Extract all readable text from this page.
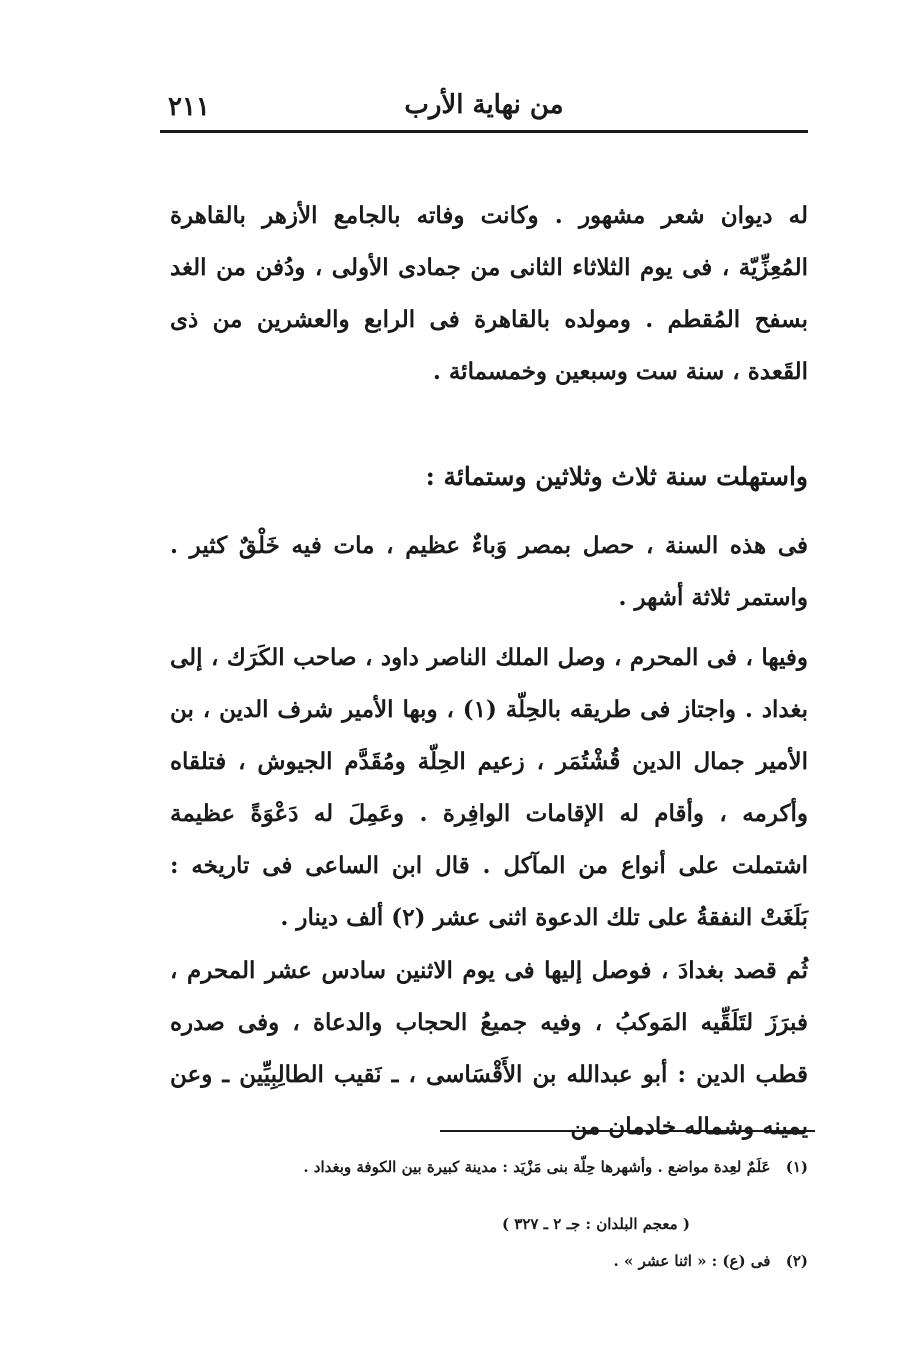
٢١١	من نهاية الأرب

له ديوان شعر مشهور . وكانت وفاته بالجامع الأزهر بالقاهرة المُعِزِّيّة ، فى يوم الثلاثاء الثانى من جمادى الأولى ، ودُفن من الغد بسفح المُقطم . ومولده بالقاهرة فى الرابع والعشرين من ذى القَعدة ، سنة ست وسبعين وخمسمائة .

واستهلت سنة ثلاث وثلاثين وستمائة :

فى هذه السنة ، حصل بمصر وَباءٌ عظيم ، مات فيه خَلْقٌ كثير . واستمر ثلاثة أشهر .

وفيها ، فى المحرم ، وصل الملك الناصر داود ، صاحب الكَرَك ، إلى بغداد . واجتاز فى طريقه بالحِلّة (١) ، وبها الأمير شرف الدين ، بن الأمير جمال الدين قُشْتُمَر ، زعيم الحِلّة ومُقَدَّم الجيوش ، فتلقاه وأكرمه ، وأقام له الإقامات الوافِرة . وعَمِلَ له دَعْوَةً عظيمة اشتملت على أنواع من المآكل . قال ابن الساعى فى تاريخه : بَلَغَتْ النفقةُ على تلك الدعوة اثنى عشر (٢) ألف دينار .

ثُم قصد بغدادَ ، فوصل إليها فى يوم الاثنين سادس عشر المحرم ، فبرَزَ لتَلَقِّيه المَوكبُ ، وفيه جميعُ الحجاب والدعاة ، وفى صدره قطب الدين : أبو عبدالله بن الأَقْسَاسى ، ـ نَقيب الطالِبِيِّين ـ وعن يمينه وشماله خادمان من

(١) عَلَمٌ لعِدة مواضع . وأشهرها حِلّة بنى مَزْيَد : مدينة كبيرة بين الكوفة وبغداد .

( معجم البلدان : جـ ٢ ـ ٣٢٧ )

(٢) فى (ع) : « اثنا عشر » .
